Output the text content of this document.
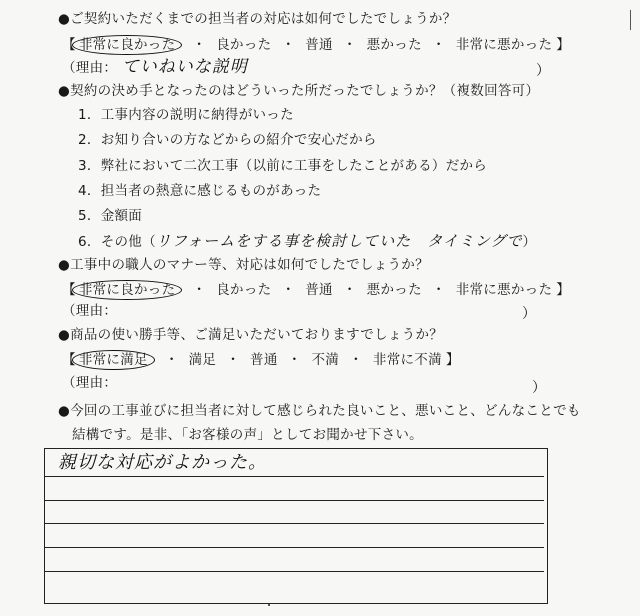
●ご契約いただくまでの担当者の対応は如何でしたでしょうか？
【 非常に良かった ・ 良かった ・ 普通 ・ 悪かった ・ 非常に悪かった 】
（理由： ていねいな説明	）
●契約の決め手となったのはどういった所だったでしょうか？（複数回答可）
1．工事内容の説明に納得がいった
2．お知り合いの方などからの紹介で安心だから
3．弊社において二次工事（以前に工事をしたことがある）だから
4．担当者の熱意に感じるものがあった
5．金額面
6．その他（リフォームをする事を検討していた　タイミングで）
●工事中の職人のマナー等、対応は如何でしたでしょうか？
【 非常に良かった ・ 良かった ・ 普通 ・ 悪かった ・ 非常に悪かった 】
（理由：	）
●商品の使い勝手等、ご満足いただいておりますでしょうか？
【 非常に満足 ・ 満足 ・ 普通 ・ 不満 ・ 非常に不満 】
（理由：	）
●今回の工事並びに担当者に対して感じられた良いこと、悪いこと、どんなことでも
結構です。是非、「お客様の声」としてお聞かせ下さい。
親切な対応がよかった。
